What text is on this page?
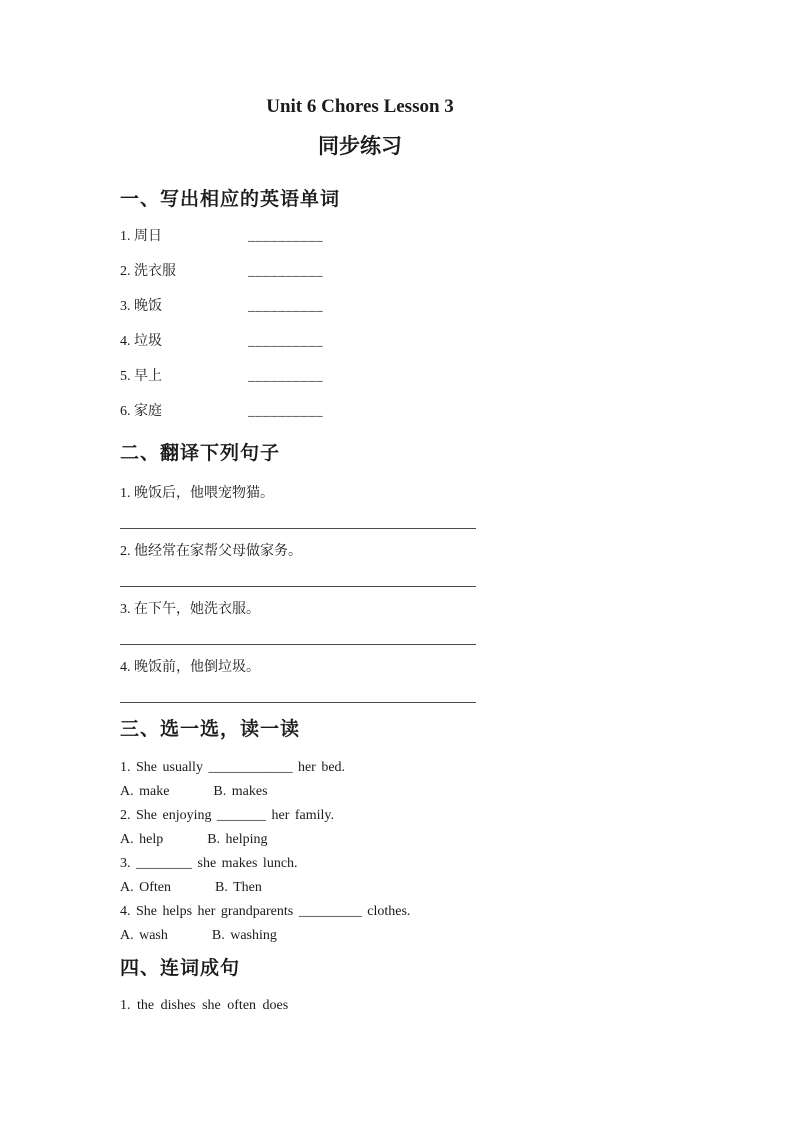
Unit 6 Chores Lesson 3
同步练习
一、写出相应的英语单词
1. 周日	__________
2. 洗衣服	__________
3. 晚饭	__________
4. 垃圾	__________
5. 早上	__________
6. 家庭	__________
二、翻译下列句子

1. 晚饭后，他喂宠物猫。

2. 他经常在家帮父母做家务。

3. 在下午，她洗衣服。

4. 晚饭前，他倒垃圾。

三、选一选，读一读

1. She usually ____________ her bed.

A. make        B. makes

2. She enjoying _______ her family.

A. help        B. helping

3. ________ she makes lunch.

A. Often        B. Then

4. She helps her grandparents _________ clothes.

A. wash        B. washing

四、连词成句

1. the dishes she often does
